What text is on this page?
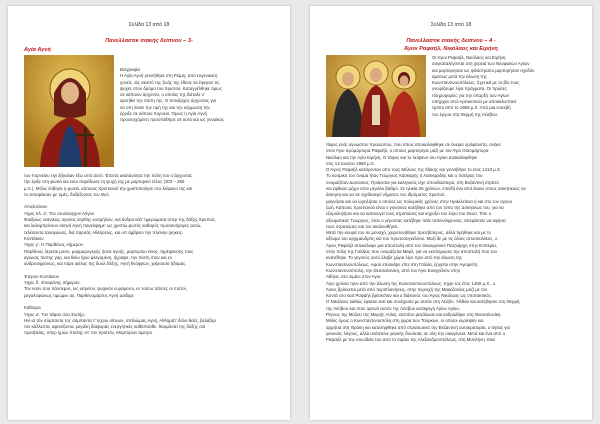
Σελίδα 13 από 18
Πανελλαστικ σιακής δείπνου – 3-
Αγία Αγνή

Βιογραφία

Η Αγία Αγνή γεννήθηκε στη Ρώμη, από ευγενικούς

γονείς. Ως σκοπό της ζωής της έθεσε να έφερνει τις

ψυχές στον δρόμο του Χριστού. Καταγγέλθηκε όμως

σε κάποιον άρχοντα, ο οποίος της διέταξε ν'

αρνηθεί την πίστη της. Ο ποινάρχος άρχοντας για

να στη λύσει την τιμή της και την κόμμωση την

έρριξε σε κάποιο πορνείο. Όμως η Αγία Αγνή

προσευχόμενη προσπάθησε σε αυτό και ως γυναίκας

του πορνείου την έβγαλαν έξω από αυτό. Έπειτα ακατανόητα την πύλη του ο άρχοντας

την έριξε στη φωτιά και έσω παρέδωσε τη ψυχή της με μαρτυρικό τέλος (303 – 305

μ.Χ.). Μόλις έσβησε η φωτιά, κάποιος Χριστιανοί την χριστοποίησε στο λείψανο της και

το εκταφιάσαν με τιμές, δοξάζοντας τον Θεό.

Απολυτίκιον

Ήχος πλ. α'. Τον συνάναρχον Λόγον.

Φαιδρώς νεανικώς αγνείας έαρθης κοσμήλιον, και άνδρα κάλ' ημερώματα ύπερ της δόξης Χριστού,

και λελαμπρίνουν σκηνή Αγνή πανεύφημε' ως χριστώ φωτός καθαρός προσανήγαγες αυτώ,

τελέσαντα ταναγώνας, διά παρσάς Αθλήσεως, και υπ άμβρειο την πλέινην ίρηκεις.

Κοντάκιον

Ήχος γ'. Η Παρθένος σήμερον.

Παρθένος λέγεται μοσυ, μαρμαρογερής ήσσε αγνής, μαρτυρίου ένιος, τηρέφανσης τους

αγώνας πίστης γαρ, και θείω ήρω φλεγομένη, ήγραψε, την πίστη στον και ευ

ανδρειοφρόνως, και πάρε φύλας της δουλ δόξης, Αγνή θεόφρων, χαίρουσα ήδομας.

Έτερον Κοντάκιον

Ήχος δ'. Επεφάνης σήμερον.

Τον ναόν σου πάνσεμνε, ως ιατρείον, ψυχικόν ευράμενοι, εν τούτω πάντες οι πιστοί,

μεγαλοφώνως τιμώμεν σε, Παρθενομάρτυς Αγνή αοίδιμε.

Κάθισμα

Ήχος α'. Τον τάφον σου Σωτήρ..

Ηνί ιά τόν σύμπαντα τος σύμπαντα τ' τεχνώ οίτινων, σπίλιώμας Αγνή, Αθλημάτ' δόλο θεάς, βελάζαρ

τον κάλλεστα, αφανίζοντα, μεγάλη διαφοράς ενεργητικές καθίστασθε, θαυμάσιεί της δόξης σοί

πρεσβείας, υπερ ημών πιτιλής στ' τον Χριστόν, Μαρτύρων άμετρο

Σελίδα 13 από 18
Πανελλαστικ σιακής δείπνου – 4 -
Άγιοι Ραφαήλ, Νικόλαος και Ειρήνη

Οι Άγιοι Ραφαήλ, Νικόλαος και Ειρήνη

συγκαταλέγονται στη χορεία των Νεοφανών Αγίων

και μαρτύρησαν ως φιλόστρατοι μαρτυρήσαν σχεδόν

αμέσως μετά την άλωση της

Κωνσταντινουπόλεως. Σχετικά με το βίο τους

γνωρίζουμε λίγα πράγματα. Οι πρώτες

πληροφορίες για την ύπαρξή των Αγίων

υπήρχαν από Αρτοκοπείο με αποκαλυπτικό

τρόπο από το 1959 μ.Χ. Από μια ευσεβή

του έργου στη Θερμή της Λέσβου.

τάφος ενός αγνώστου προσώπου, που όπως αποκαλύφθηκε σε όνειρα ορόφανστα, ανήκε

στον Άγιο Ιερομάρτυρα Ραφαήλ, ο οποίος μαρτύρησε μαζί με τον Άγιο Οσιομάρτυρα

Νικόλαο και την Αγία Ειρήνη. Ο τάφος και το λείψανο του Αγίου ανακαλύφθηκε

στις 13 Ιουνίου 1960 μ.Χ.

Ο Άγιος Ραφαήλ κατάγονταν από τους Μύλους της Ιθάκης και γεννήθηκε το έτος 1410 μ.Χ.

Το κοσμικό του όνομα ήταν Γεώργιος Λάσκαρης ή Λασκαρίδης και ο πατέρας του

ονομαζόταν Διονύσιος. Πρόκειται για καληνικός είχε σπουδαιότερα, στη Βυζαντινή στρατό

και έφθασε μέχρι στον μεγάλο βαθμό. Σε ηλικία 25 χρόνων, επειδή ένα από έκανε στους ασκητικούς να

άσκηση και να σε σχεδιασμό νήματος του Ιδρύματος Χριστού.

μαγνήσαι και να ωρηλήσαι ο οποίος ως πολεμικός χρόνος στην Ηρακλείτεια ή και στο τον σγγου

ζωή. Κάποιος Χριστιανού είναι ο γιγούνας κατέβηκε από τον τόπο της ασκήσεώς του, για να

εξομολογήσει και να κατανυγεί τους στρατιώτες και κηρύξει τον λόγο του Θεού. Τότε ο

αξιωματικός Γεώργιος, όταν ο γέροντας κατέβηκε πάλι ταπεινόφρονας, απεφάσισε να αφήσει

τους στρατιώτες και τον ακολουθήσει.

Μετά την κουρά του σε μοναχό, χειροτονήθηκε πρεσβύτερος, αλλά τιμήθηκε και με το

αξίωμα του αρχιμανδρίτη και του πρωτοσυγκέλλου. Μαζί δε με τις άλλες αποσκολίσεις, ο

Άγιος Ραφαήλ απεκάλυψε μια αποστολή από τον Οικουμενικό Πατριάρχη στην Εσπερία,

στην πόλη της Γαλλίας που ονομάζεται Μεφλ, για να εκπληρώσει την αποστολή που του

ανατέθηκε. Το γεγονός αυτό έλαβε χώρα λίγο πριν από την άλωση της

Κωνσταντινουπόλεως. Αφού επισκέψε είπε στη Γαλλία, έρχεται στην Αγιορείτη

Κωνσταντινούπολη, την Θεσσαλονίκη, από τον Άγιο Ευαγγέλιον στην

Αθήνα, στο λιμάνι στον Άγιο.

Λίγο χρόνια πριν από την άλωση της Κωνσταντινουπόλεως, τηγρι τος έτος 1450 μ.Χ., ο

Άγιος βρίσκεται μετά από περιπλανήσεις, στην περιοχή της Μακεδονίας μαζί με τον

Κοντά στο ναό Ραφαήλ βρισκόταν και ο διάκονός του Άγιος Νικόλαος ως υποτακτικός.

Ο Νικόλαος καθώς έφτασε εκεί και συνέχισαν με αυτόν στη Λέσβο. Ήλθαν και κατέβηκαν στη Θερμή

της Λέσβου και στον ορεινό αυτόν της Λέσβου καταφυγή Αγίου Αγίου.

Ρέγους της Μύλου της Μικρής Ασίας. Ωστόσο μεγάλωσε και ανδρώθηκε στη Θεσσαλονίκη.

Μόλις όμως ο Κωνσταντινουπόλη στη χώρα των Τούρκων, οι οποίοι κυριέψαν και

αρμήτια στη Θράκη και κατελήφθηκε από στρατιωτικό την Βυζαντινή αυτοκρατορία, ο Θρίας για

γενικούς λόγους, αλλά ανάστανε γενικής δουλειάς σε όλη την οικογένεια. Μετά και ένα από ο

Ραφαήλ με την συνοδεία του από το Λιμάνι της Αλεξανδρουπόλεως, στη Μυτιλήνη. Εκεί
